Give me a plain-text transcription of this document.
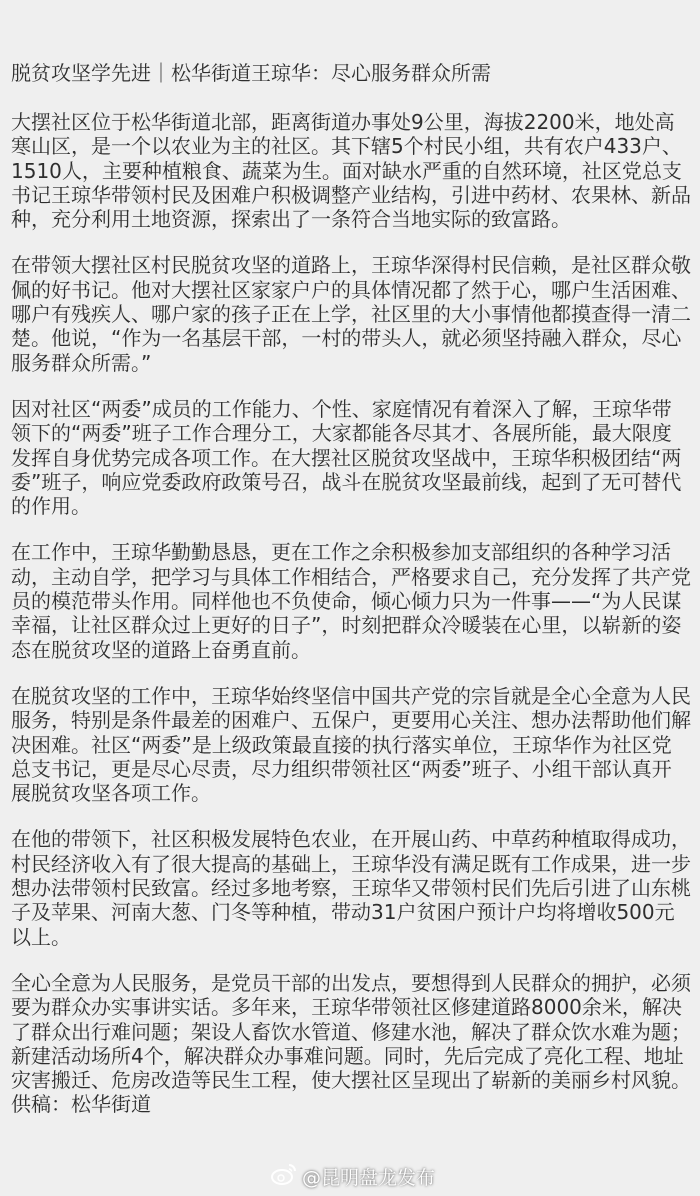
脱贫攻坚学先进｜松华街道王琼华：尽心服务群众所需

大摆社区位于松华街道北部，距离街道办事处9公里，海拔2200米，地处高寒山区，是一个以农业为主的社区。其下辖5个村民小组，共有农户433户、1510人，主要种植粮食、蔬菜为生。面对缺水严重的自然环境，社区党总支书记王琼华带领村民及困难户积极调整产业结构，引进中药材、农果林、新品种，充分利用土地资源，探索出了一条符合当地实际的致富路。

在带领大摆社区村民脱贫攻坚的道路上，王琼华深得村民信赖，是社区群众敬佩的好书记。他对大摆社区家家户户的具体情况都了然于心，哪户生活困难、哪户有残疾人、哪户家的孩子正在上学，社区里的大小事情他都摸查得一清二楚。他说，“作为一名基层干部，一村的带头人，就必须坚持融入群众，尽心服务群众所需。”

因对社区“两委”成员的工作能力、个性、家庭情况有着深入了解，王琼华带领下的“两委”班子工作合理分工，大家都能各尽其才、各展所能，最大限度发挥自身优势完成各项工作。在大摆社区脱贫攻坚战中，王琼华积极团结“两委”班子，响应党委政府政策号召，战斗在脱贫攻坚最前线，起到了无可替代的作用。

在工作中，王琼华勤勤恳恳，更在工作之余积极参加支部组织的各种学习活动，主动自学，把学习与具体工作相结合，严格要求自己，充分发挥了共产党员的模范带头作用。同样他也不负使命，倾心倾力只为一件事——“为人民谋幸福，让社区群众过上更好的日子”，时刻把群众冷暖装在心里，以崭新的姿态在脱贫攻坚的道路上奋勇直前。

在脱贫攻坚的工作中，王琼华始终坚信中国共产党的宗旨就是全心全意为人民服务，特别是条件最差的困难户、五保户，更要用心关注、想办法帮助他们解决困难。社区“两委”是上级政策最直接的执行落实单位，王琼华作为社区党总支书记，更是尽心尽责，尽力组织带领社区“两委”班子、小组干部认真开展脱贫攻坚各项工作。

在他的带领下，社区积极发展特色农业，在开展山药、中草药种植取得成功，村民经济收入有了很大提高的基础上，王琼华没有满足既有工作成果，进一步想办法带领村民致富。经过多地考察，王琼华又带领村民们先后引进了山东桃子及苹果、河南大葱、门冬等种植，带动31户贫困户预计户均将增收500元以上。

全心全意为人民服务，是党员干部的出发点，要想得到人民群众的拥护，必须要为群众办实事讲实话。多年来，王琼华带领社区修建道路8000余米，解决了群众出行难问题；架设人畜饮水管道、修建水池，解决了群众饮水难为题；新建活动场所4个，解决群众办事难问题。同时，先后完成了亮化工程、地址灾害搬迁、危房改造等民生工程，使大摆社区呈现出了崭新的美丽乡村风貌。

供稿：松华街道
@昆明盘龙发布
